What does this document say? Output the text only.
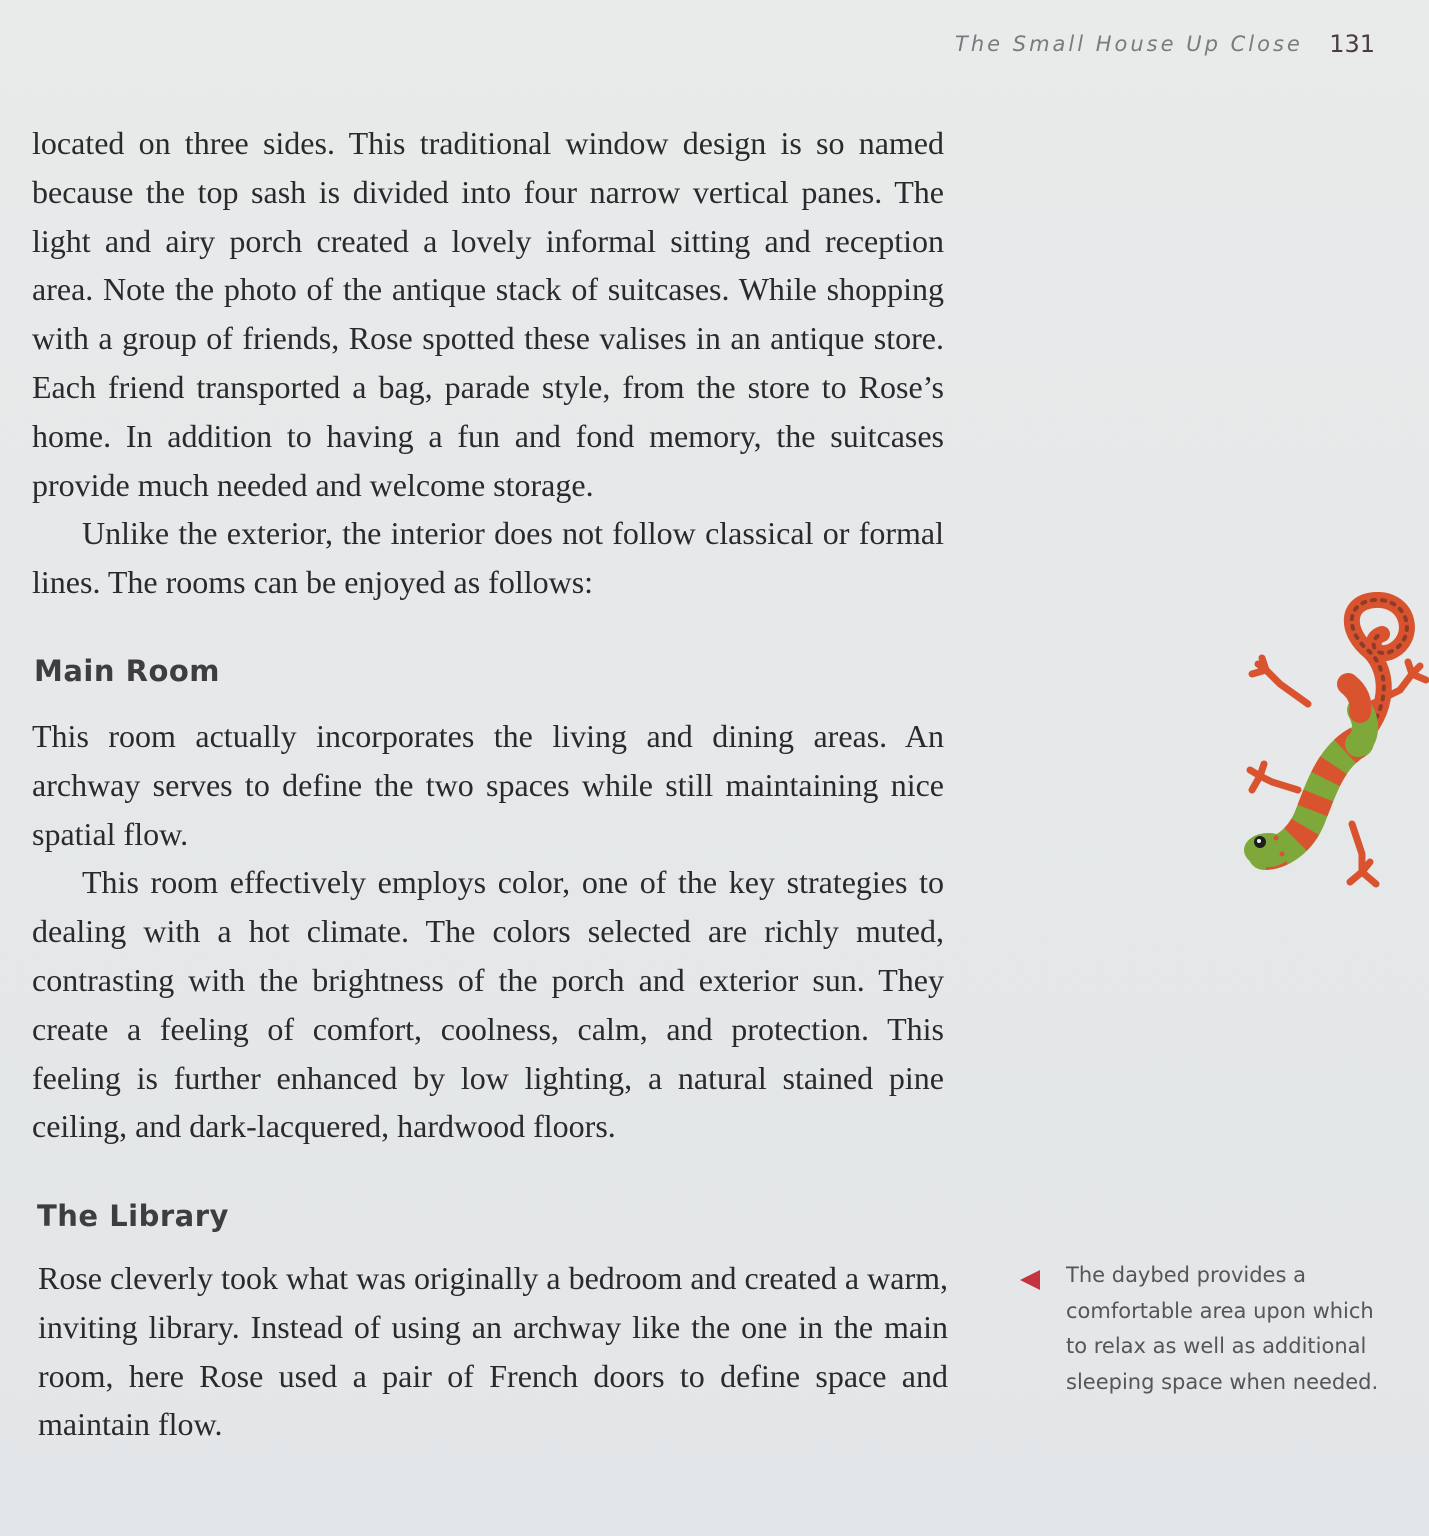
The Small House Up Close 131

located on three sides. This traditional window design is so named because the top sash is divided into four narrow vertical panes. The light and airy porch created a lovely informal sitting and reception area. Note the photo of the antique stack of suitcases. While shopping with a group of friends, Rose spotted these valises in an antique store. Each friend transported a bag, parade style, from the store to Rose’s home. In addition to having a fun and fond memory, the suitcases provide much needed and welcome storage.

Unlike the exterior, the interior does not follow classical or formal lines. The rooms can be enjoyed as follows:

Main Room

This room actually incorporates the living and dining areas. An archway serves to define the two spaces while still maintaining nice spatial flow.

This room effectively employs color, one of the key strategies to dealing with a hot climate. The colors selected are richly muted, contrasting with the brightness of the porch and exterior sun. They create a feeling of comfort, coolness, calm, and protection. This feeling is further enhanced by low lighting, a natural stained pine ceiling, and dark-lacquered, hardwood floors.

The Library

Rose cleverly took what was originally a bedroom and created a warm, inviting library. Instead of using an archway like the one in the main room, here Rose used a pair of French doors to define space and maintain flow.

The daybed provides a comfortable area upon which to relax as well as additional sleeping space when needed.
